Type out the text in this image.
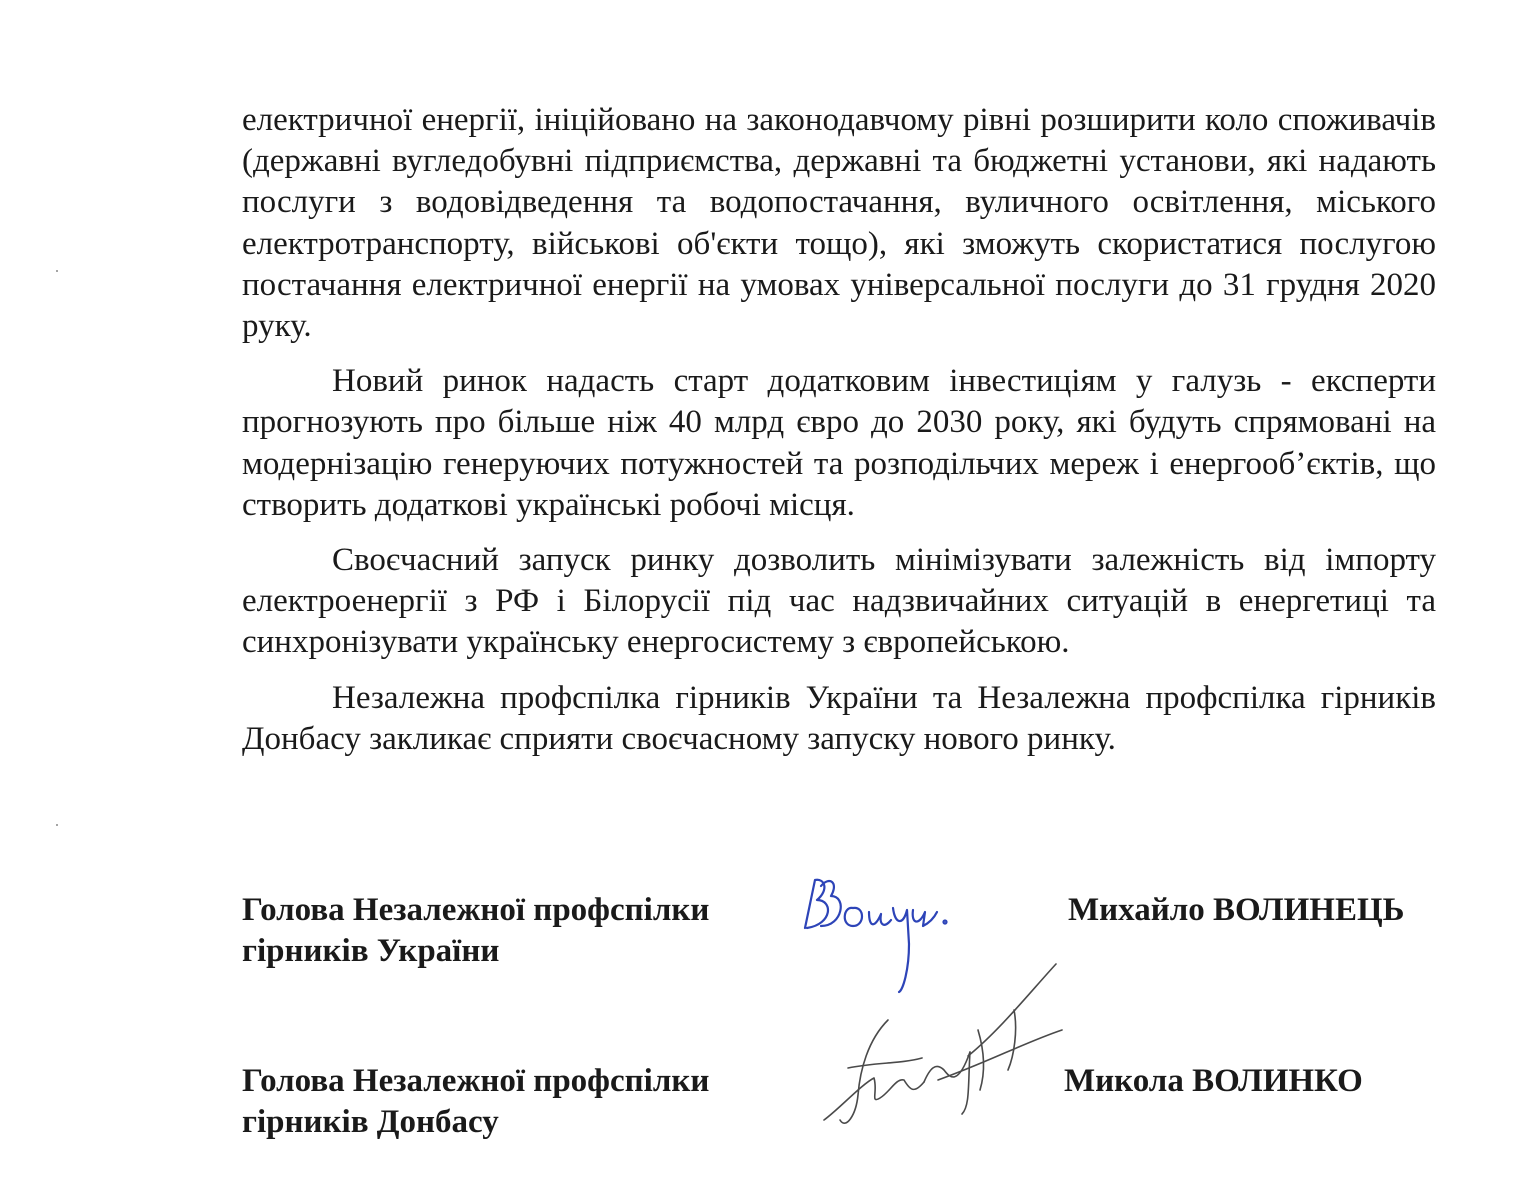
електричної енергії, ініційовано на законодавчому рівні розширити коло споживачів (державні вугледобувні підприємства, державні та бюджетні установи, які надають послуги з водовідведення та водопостачання, вуличного освітлення, міського електротранспорту, військові об'єкти тощо), які зможуть скористатися послугою постачання електричної енергії на умовах універсальної послуги до 31 грудня 2020 руку.

Новий ринок надасть старт додатковим інвестиціям у галузь - експерти прогнозують про більше ніж 40 млрд євро до 2030 року, які будуть спрямовані на модернізацію генеруючих потужностей та розподільчих мереж і енергооб’єктів, що створить додаткові українські робочі місця.

Своєчасний запуск ринку дозволить мінімізувати залежність від імпорту електроенергії з РФ і Білорусії під час надзвичайних ситуацій в енергетиці та синхронізувати українську енергосистему з європейською.

Незалежна профспілка гірників України та Незалежна профспілка гірників Донбасу закликає сприяти своєчасному запуску нового ринку.

Голова Незалежної профспілки
гірників України
Михайло ВОЛИНЕЦЬ
Голова Незалежної профспілки
гірників Донбасу
Микола ВОЛИНКО
